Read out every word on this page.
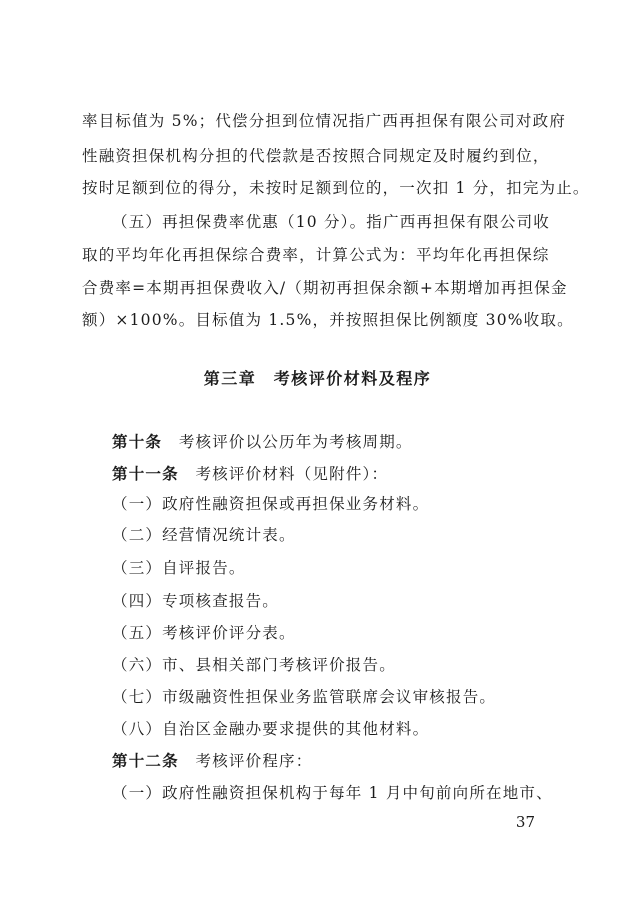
率目标值为 5%；代偿分担到位情况指广西再担保有限公司对政府
性融资担保机构分担的代偿款是否按照合同规定及时履约到位，
按时足额到位的得分，未按时足额到位的，一次扣 1 分，扣完为止。
（五）再担保费率优惠（10 分）。指广西再担保有限公司收
取的平均年化再担保综合费率，计算公式为：平均年化再担保综
合费率=本期再担保费收入/（期初再担保余额+本期增加再担保金
额）×100%。目标值为 1.5%，并按照担保比例额度 30%收取。
第三章　考核评价材料及程序
第十条　 考核评价以公历年为考核周期。
第十一条　 考核评价材料（见附件）：
（一）政府性融资担保或再担保业务材料。
（二）经营情况统计表。
（三）自评报告。
（四）专项核查报告。
（五）考核评价评分表。
（六）市、县相关部门考核评价报告。
（七）市级融资性担保业务监管联席会议审核报告。
（八）自治区金融办要求提供的其他材料。
第十二条　 考核评价程序：
（一）政府性融资担保机构于每年 1 月中旬前向所在地市、
37
